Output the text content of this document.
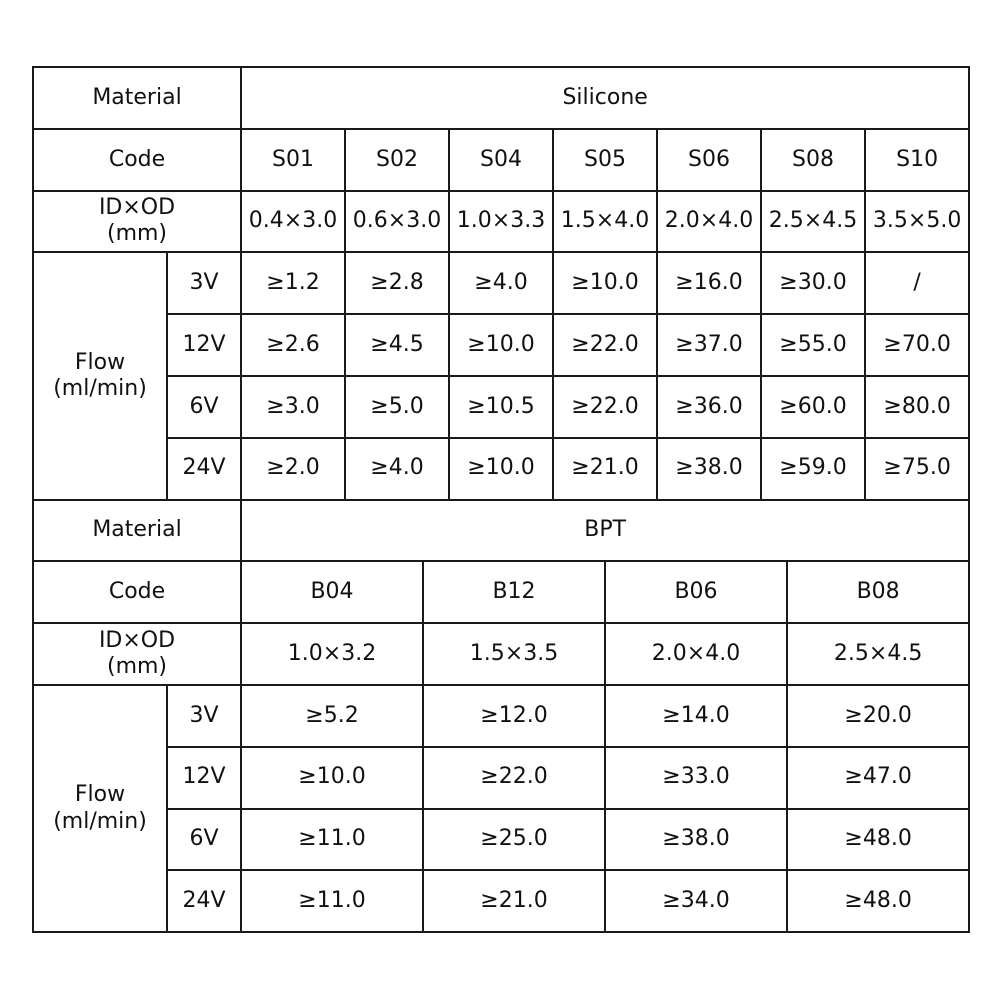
Material		Silicone									
Code		S01	S02		S04	S05		S06	S08		S10

ID×OD
(mm)		0.4×3.0	0.6×3.0		1.0×3.3	1.5×4.0		2.0×4.0	2.5×4.5		3.5×5.0

Flow
(ml/min)	3V	≥1.2	≥2.8		≥4.0	≥10.0		≥16.0	≥30.0		/
	12V	≥2.6	≥4.5		≥10.0	≥22.0		≥37.0	≥55.0		≥70.0
	6V	≥3.0	≥5.0		≥10.5	≥22.0		≥36.0	≥60.0		≥80.0
	24V	≥2.0	≥4.0		≥10.0	≥21.0		≥38.0	≥59.0		≥75.0
Material		BPT									
Code		B04		B12			B06			B08	

ID×OD
(mm)		1.0×3.2		1.5×3.5			2.0×4.0			2.5×4.5	

Flow
(ml/min)	3V	≥5.2		≥12.0			≥14.0			≥20.0	
	12V	≥10.0		≥22.0			≥33.0			≥47.0	
	6V	≥11.0		≥25.0			≥38.0			≥48.0	
	24V	≥11.0		≥21.0			≥34.0			≥48.0	
